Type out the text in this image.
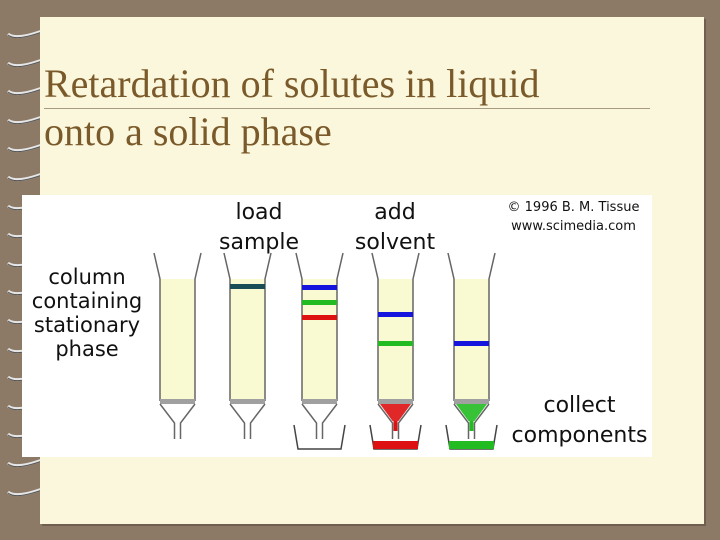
Retardation of solutes in liquid
onto a solid phase
load
sample
add
solvent
© 1996 B. M. Tissue
www.scimedia.com
column
containing
stationary
phase
collect
components
